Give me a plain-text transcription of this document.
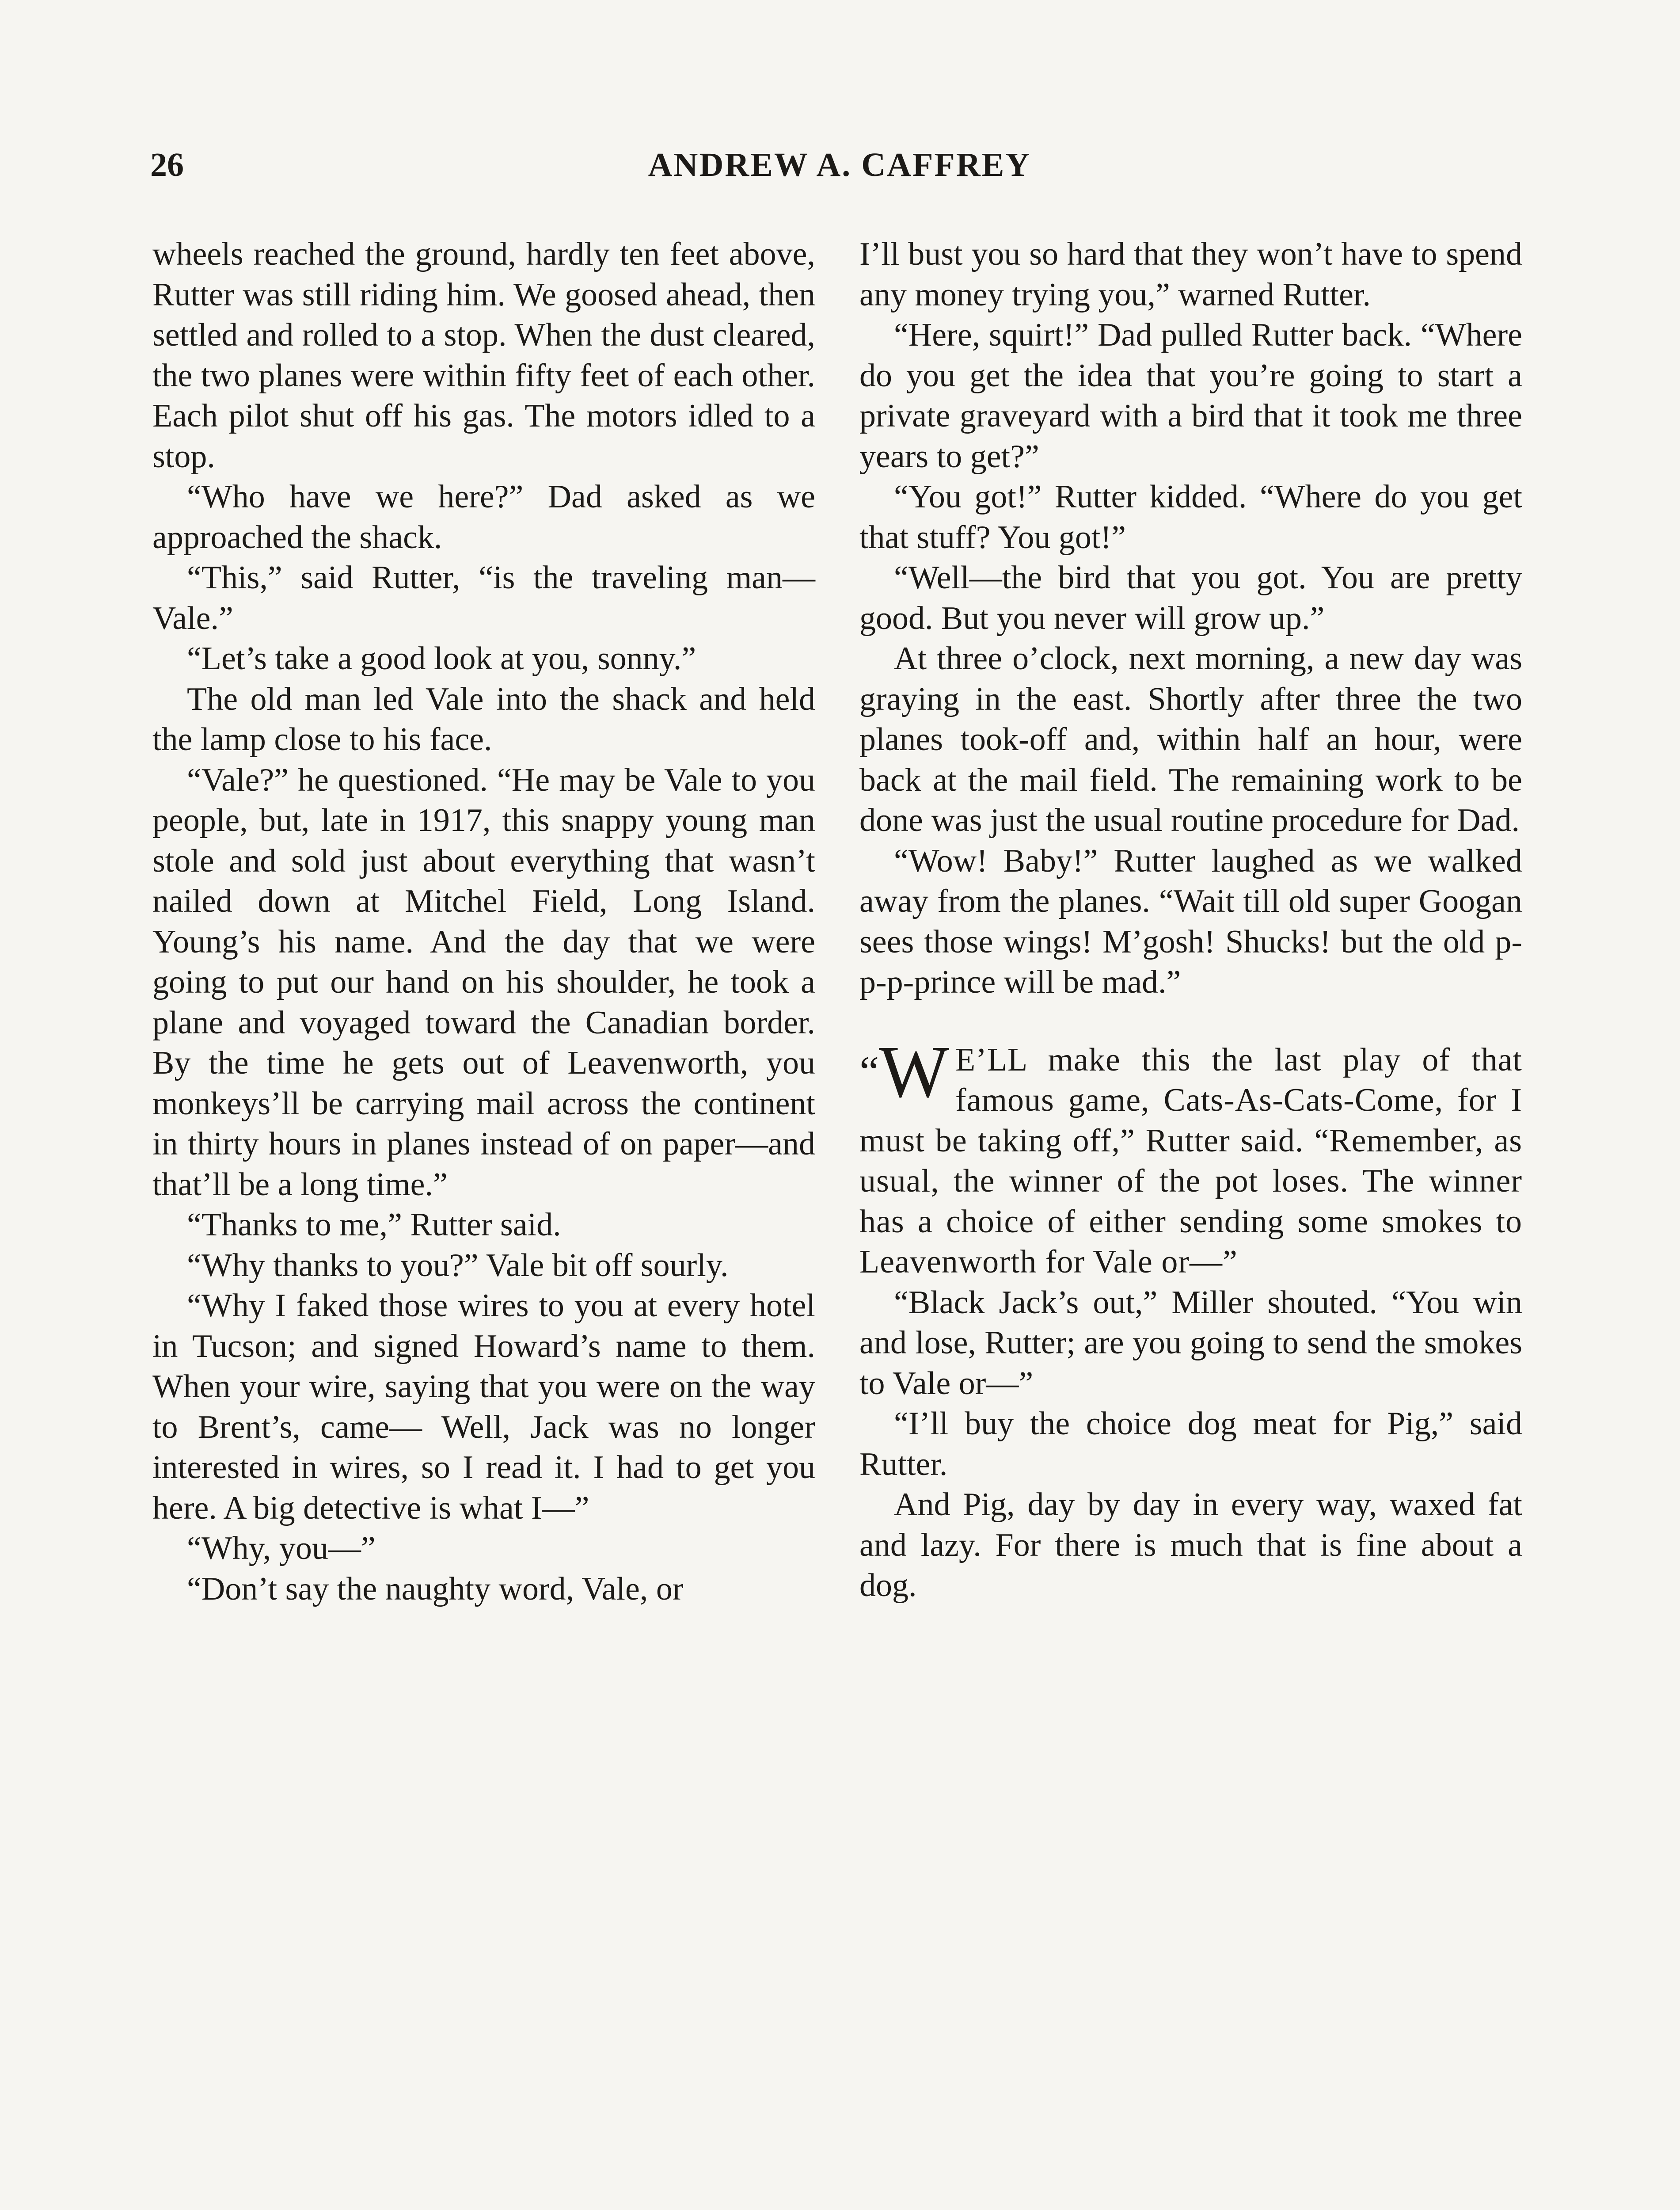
26	ANDREW A. CAFFREY

wheels reached the ground, hardly ten feet above, Rutter was still riding him. We goosed ahead, then settled and rolled to a stop. When the dust cleared, the two planes were within fifty feet of each other. Each pilot shut off his gas. The motors idled to a stop.

“Who have we here?” Dad asked as we approached the shack.

“This,” said Rutter, “is the traveling man—Vale.”

“Let’s take a good look at you, sonny.”

The old man led Vale into the shack and held the lamp close to his face.

“Vale?” he questioned. “He may be Vale to you people, but, late in 1917, this snappy young man stole and sold just about everything that wasn’t nailed down at Mitchel Field, Long Island. Young’s his name. And the day that we were going to put our hand on his shoulder, he took a plane and voyaged toward the Canadian border. By the time he gets out of Leavenworth, you monkeys’ll be carrying mail across the continent in thirty hours in planes instead of on paper—and that’ll be a long time.”

“Thanks to me,” Rutter said.

“Why thanks to you?” Vale bit off sourly.

“Why I faked those wires to you at every hotel in Tucson; and signed Howard’s name to them. When your wire, saying that you were on the way to Brent’s, came— Well, Jack was no longer interested in wires, so I read it. I had to get you here. A big detective is what I—”

“Why, you—”

“Don’t say the naughty word, Vale, or

I’ll bust you so hard that they won’t have to spend any money trying you,” warned Rutter.

“Here, squirt!” Dad pulled Rutter back. “Where do you get the idea that you’re going to start a private graveyard with a bird that it took me three years to get?”

“You got!” Rutter kidded. “Where do you get that stuff? You got!”

“Well—the bird that you got. You are pretty good. But you never will grow up.”

At three o’clock, next morning, a new day was graying in the east. Shortly after three the two planes took-off and, within half an hour, were back at the mail field. The remaining work to be done was just the usual routine procedure for Dad.

“Wow! Baby!” Rutter laughed as we walked away from the planes. “Wait till old super Googan sees those wings! M’gosh! Shucks! but the old p-p-p-prince will be mad.”

“W E’LL make this the last play of that famous game, Cats-As-Cats-Come, for I must be taking off,” Rutter said. “Remember, as usual, the winner of the pot loses. The winner has a choice of either sending some smokes to Leavenworth for Vale or—”

“Black Jack’s out,” Miller shouted. “You win and lose, Rutter; are you going to send the smokes to Vale or—”

“I’ll buy the choice dog meat for Pig,” said Rutter.

And Pig, day by day in every way, waxed fat and lazy. For there is much that is fine about a dog.
